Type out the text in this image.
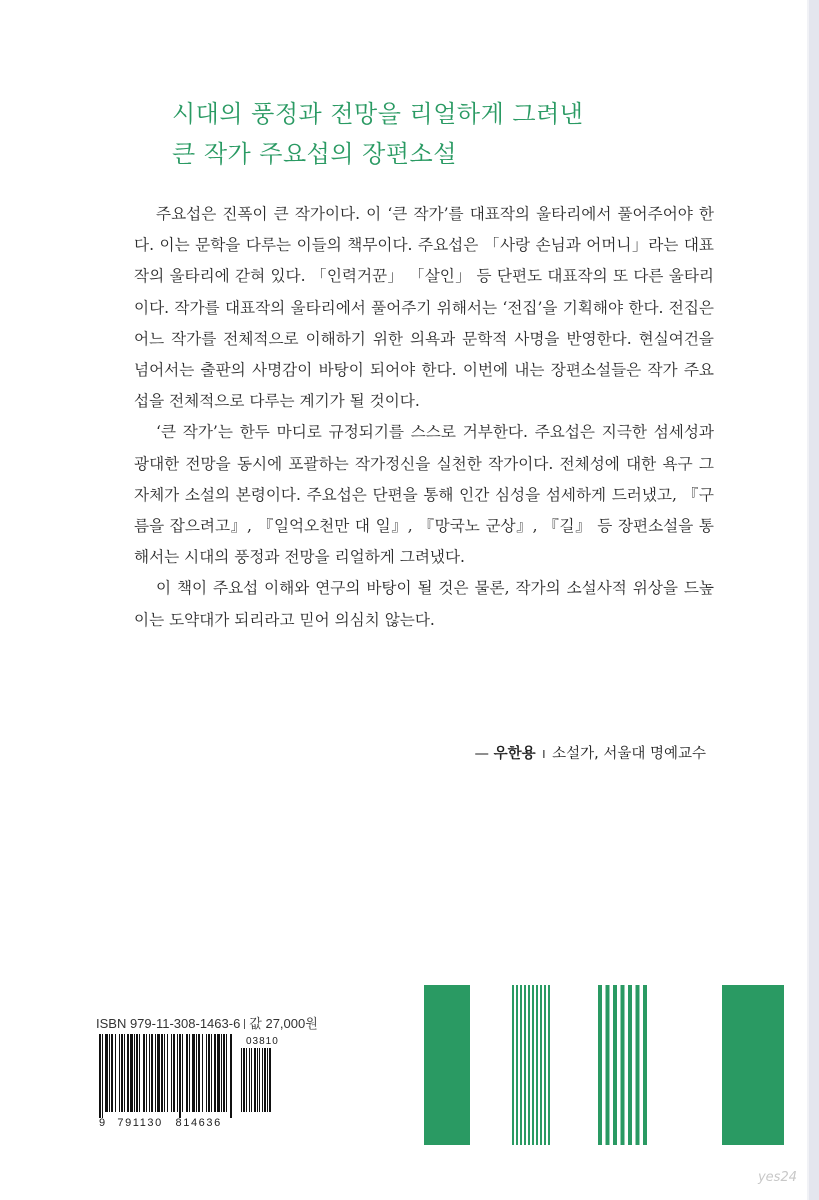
시대의 풍정과 전망을 리얼하게 그려낸
큰 작가 주요섭의 장편소설

주요섭은 진폭이 큰 작가이다. 이 ‘큰 작가’를 대표작의 울타리에서 풀어주어야 한다. 이는 문학을 다루는 이들의 책무이다. 주요섭은 「사랑 손님과 어머니」라는 대표작의 울타리에 갇혀 있다. 「인력거꾼」 「살인」 등 단편도 대표작의 또 다른 울타리이다. 작가를 대표작의 울타리에서 풀어주기 위해서는 ‘전집’을 기획해야 한다. 전집은 어느 작가를 전체적으로 이해하기 위한 의욕과 문학적 사명을 반영한다. 현실여건을 넘어서는 출판의 사명감이 바탕이 되어야 한다. 이번에 내는 장편소설들은 작가 주요섭을 전체적으로 다루는 계기가 될 것이다.

‘큰 작가’는 한두 마디로 규정되기를 스스로 거부한다. 주요섭은 지극한 섬세성과 광대한 전망을 동시에 포괄하는 작가정신을 실천한 작가이다. 전체성에 대한 욕구 그 자체가 소설의 본령이다. 주요섭은 단편을 통해 인간 심성을 섬세하게 드러냈고, 『구름을 잡으려고』, 『일억오천만 대 일』, 『망국노 군상』, 『길』 등 장편소설을 통해서는 시대의 풍정과 전망을 리얼하게 그려냈다.

이 책이 주요섭 이해와 연구의 바탕이 될 것은 물론, 작가의 소설사적 위상을 드높이는 도약대가 되리라고 믿어 의심치 않는다.

— 우한용 I 소설가, 서울대 명예교수
ISBN 979-11-308-1463-6 값 27,000원
03810
9 791130 814636
yes24
